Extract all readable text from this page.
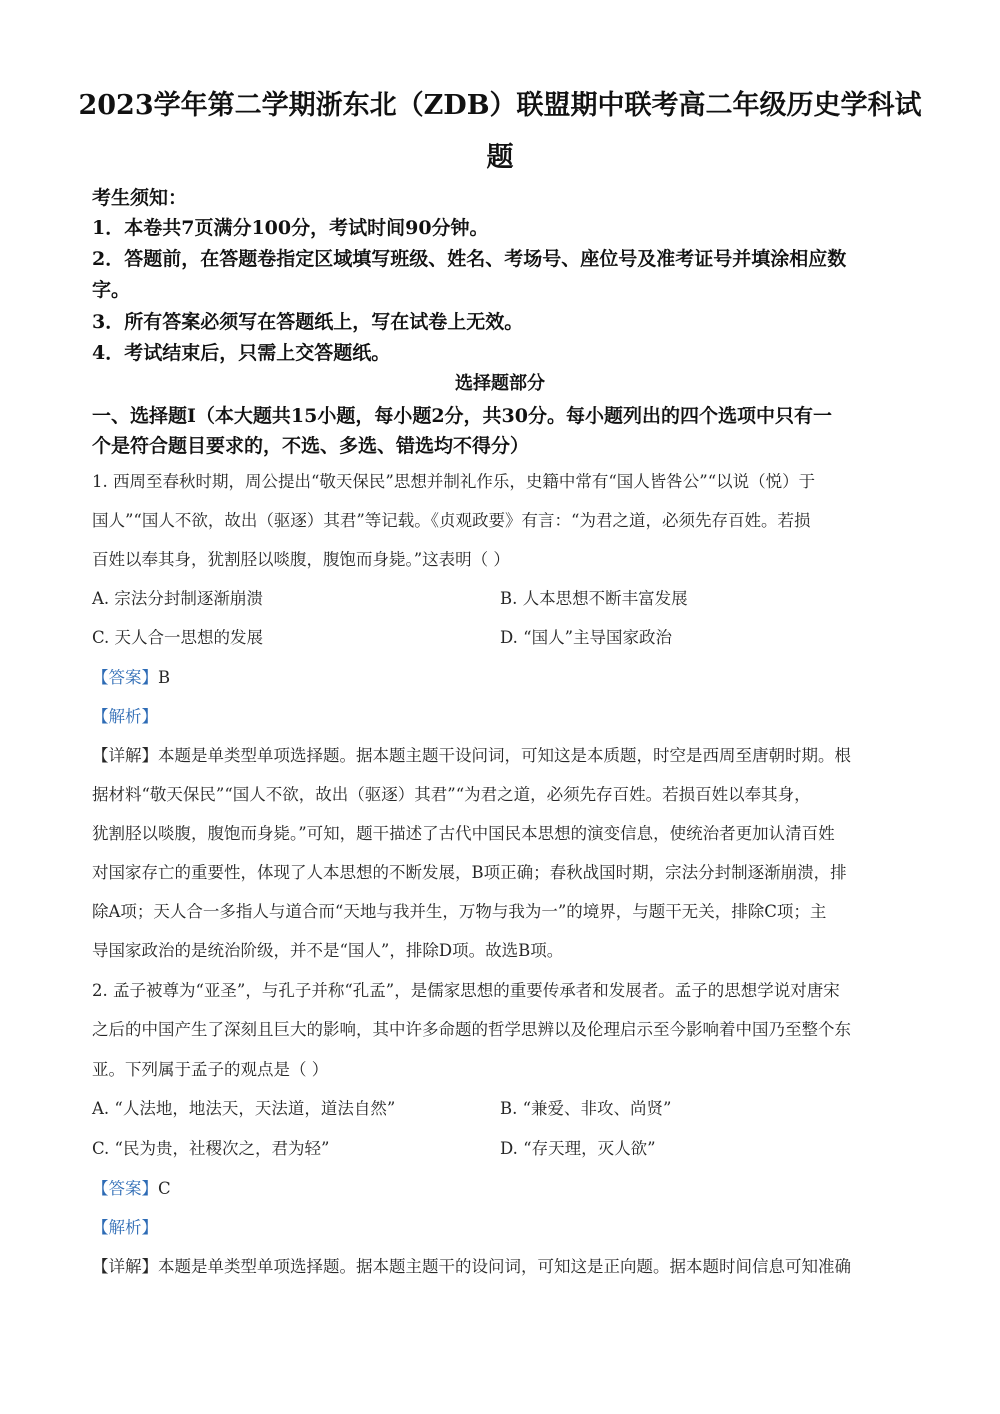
2023学年第二学期浙东北（ZDB）联盟期中联考高二年级历史学科试
题
考生须知：
1．本卷共7页满分100分，考试时间90分钟。
2．答题前，在答题卷指定区域填写班级、姓名、考场号、座位号及准考证号并填涂相应数
字。
3．所有答案必须写在答题纸上，写在试卷上无效。
4．考试结束后，只需上交答题纸。
选择题部分
一、选择题Ⅰ（本大题共15小题，每小题2分，共30分。每小题列出的四个选项中只有一
个是符合题目要求的，不选、多选、错选均不得分）
1. 西周至春秋时期，周公提出“敬天保民”思想并制礼作乐，史籍中常有“国人皆咎公”“以说（悦）于
国人”“国人不欲，故出（驱逐）其君”等记载。《贞观政要》有言：“为君之道，必须先存百姓。若损
百姓以奉其身，犹割胫以啖腹，腹饱而身毙。”这表明（ ）
A. 宗法分封制逐渐崩溃	B. 人本思想不断丰富发展
C. 天人合一思想的发展	D. “国人”主导国家政治
【答案】B
【解析】
【详解】本题是单类型单项选择题。据本题主题干设问词，可知这是本质题，时空是西周至唐朝时期。根
据材料“敬天保民”“国人不欲，故出（驱逐）其君”“为君之道，必须先存百姓。若损百姓以奉其身，
犹割胫以啖腹，腹饱而身毙。”可知，题干描述了古代中国民本思想的演变信息，使统治者更加认清百姓
对国家存亡的重要性，体现了人本思想的不断发展，B项正确；春秋战国时期，宗法分封制逐渐崩溃，排
除A项；天人合一多指人与道合而“天地与我并生，万物与我为一”的境界，与题干无关，排除C项；主
导国家政治的是统治阶级，并不是“国人”，排除D项。故选B项。
2. 孟子被尊为“亚圣”，与孔子并称“孔孟”，是儒家思想的重要传承者和发展者。孟子的思想学说对唐宋
之后的中国产生了深刻且巨大的影响，其中许多命题的哲学思辨以及伦理启示至今影响着中国乃至整个东
亚。下列属于孟子的观点是（ ）
A. “人法地，地法天，天法道，道法自然”	B. “兼爱、非攻、尚贤”
C. “民为贵，社稷次之，君为轻”	D. “存天理，灭人欲”
【答案】C
【解析】
【详解】本题是单类型单项选择题。据本题主题干的设问词，可知这是正向题。据本题时间信息可知准确
